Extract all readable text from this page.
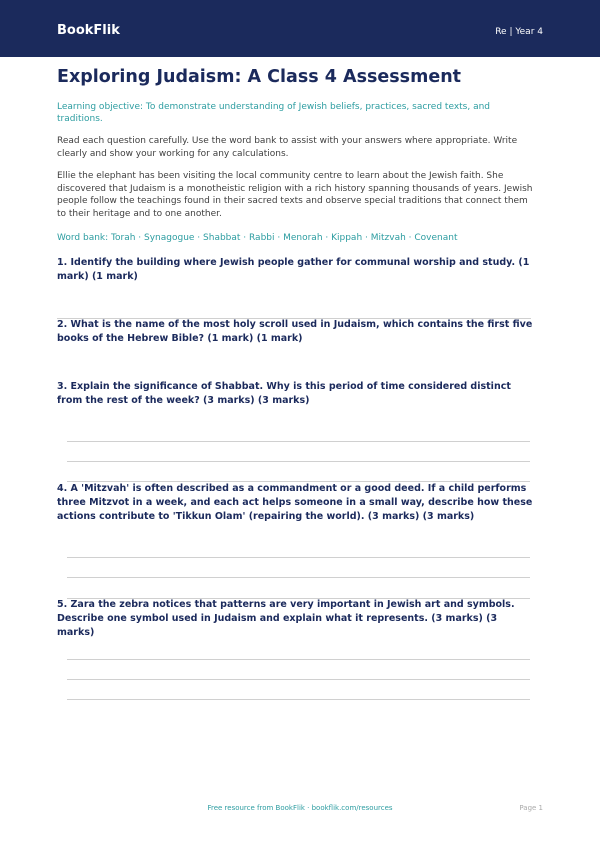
BookFlik	Re | Year 4
Exploring Judaism: A Class 4 Assessment
Learning objective: To demonstrate understanding of Jewish beliefs, practices, sacred texts, and traditions.
Read each question carefully. Use the word bank to assist with your answers where appropriate. Write clearly and show your working for any calculations.
Ellie the elephant has been visiting the local community centre to learn about the Jewish faith. She discovered that Judaism is a monotheistic religion with a rich history spanning thousands of years. Jewish people follow the teachings found in their sacred texts and observe special traditions that connect them to their heritage and to one another.
Word bank: Torah · Synagogue · Shabbat · Rabbi · Menorah · Kippah · Mitzvah · Covenant
1. Identify the building where Jewish people gather for communal worship and study. (1 mark) (1 mark)
2. What is the name of the most holy scroll used in Judaism, which contains the first five books of the Hebrew Bible? (1 mark) (1 mark)
3. Explain the significance of Shabbat. Why is this period of time considered distinct from the rest of the week? (3 marks) (3 marks)
4. A 'Mitzvah' is often described as a commandment or a good deed. If a child performs three Mitzvot in a week, and each act helps someone in a small way, describe how these actions contribute to 'Tikkun Olam' (repairing the world). (3 marks) (3 marks)
5. Zara the zebra notices that patterns are very important in Jewish art and symbols. Describe one symbol used in Judaism and explain what it represents. (3 marks) (3 marks)
Free resource from BookFlik · bookflik.com/resources	Page 1
